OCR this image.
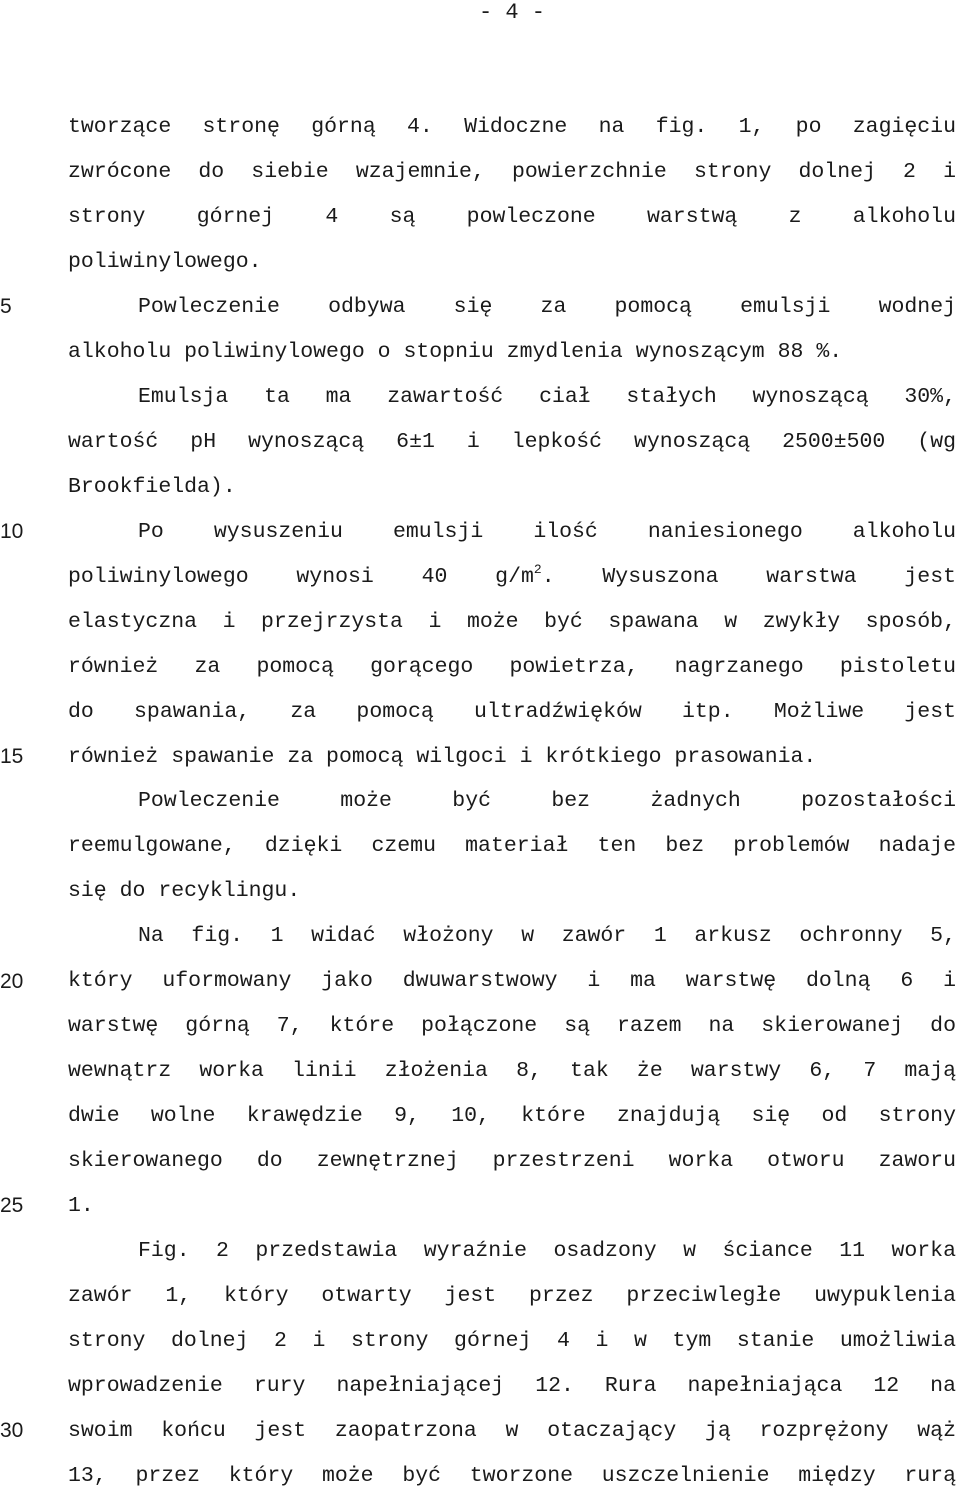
- 4 -
5
10
15
20
25
30
tworzące stronę górną 4. Widoczne na fig. 1, po zagięciu
zwrócone do siebie wzajemnie, powierzchnie strony dolnej 2 i
strony górnej 4 są powleczone warstwą z alkoholu
poliwinylowego.
Powleczenie odbywa się za pomocą emulsji wodnej
alkoholu poliwinylowego o stopniu zmydlenia wynoszącym 88 %.
Emulsja ta ma zawartość ciał stałych wynoszącą 30%,
wartość pH wynoszącą 6±1 i lepkość wynoszącą 2500±500 (wg
Brookfielda).
Po wysuszeniu emulsji ilość naniesionego alkoholu
poliwinylowego wynosi 40 $g/m^2$. Wysuszona warstwa jest
elastyczna i przejrzysta i może być spawana w zwykły sposób,
również za pomocą gorącego powietrza, nagrzanego pistoletu
do spawania, za pomocą ultradźwięków itp. Możliwe jest
również spawanie za pomocą wilgoci i krótkiego prasowania.
Powleczenie może być bez żadnych pozostałości
reemulgowane, dzięki czemu materiał ten bez problemów nadaje
się do recyklingu.
Na fig. 1 widać włożony w zawór 1 arkusz ochronny 5,
który uformowany jako dwuwarstwowy i ma warstwę dolną 6 i
warstwę górną 7, które połączone są razem na skierowanej do
wewnątrz worka linii złożenia 8, tak że warstwy 6, 7 mają
dwie wolne krawędzie 9, 10, które znajdują się od strony
skierowanego do zewnętrznej przestrzeni worka otworu zaworu
1.
Fig. 2 przedstawia wyraźnie osadzony w ściance 11 worka
zawór 1, który otwarty jest przez przeciwległe uwypuklenia
strony dolnej 2 i strony górnej 4 i w tym stanie umożliwia
wprowadzenie rury napełniającej 12. Rura napełniająca 12 na
swoim końcu jest zaopatrzona w otaczający ją rozprężony wąż
13, przez który może być tworzone uszczelnienie między rurą
